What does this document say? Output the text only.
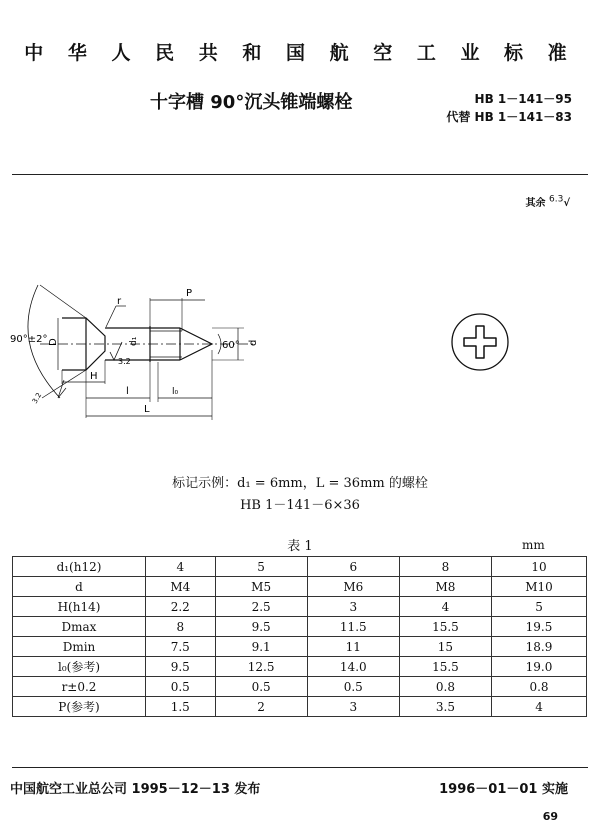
中 华 人 民 共 和 国 航 空 工 业 标 准
十字槽 90°沉头锥端螺栓	HB 1－141－95
代替 HB 1－141－83
其余 $^{6.3}$√
90°±2°
60°
3.2
D	d₁	d
r
P
H
l	l₀
L
3.2
标记示例：d₁ = 6mm，L = 36mm 的螺栓
HB 1－141－6×36
表 1	mm
d₁(h12)	4	5	6	8	10
d	M4	M5	M6	M8	M10
H(h14)	2.2	2.5	3	4	5
Dmax	8	9.5	11.5	15.5	19.5
Dmin	7.5	9.1	11	15	18.9
l₀(参考)	9.5	12.5	14.0	15.5	19.0
r±0.2	0.5	0.5	0.5	0.8	0.8
P(参考)	1.5	2	3	3.5	4
中国航空工业总公司 1995－12－13 发布	1996－01－01 实施
69
